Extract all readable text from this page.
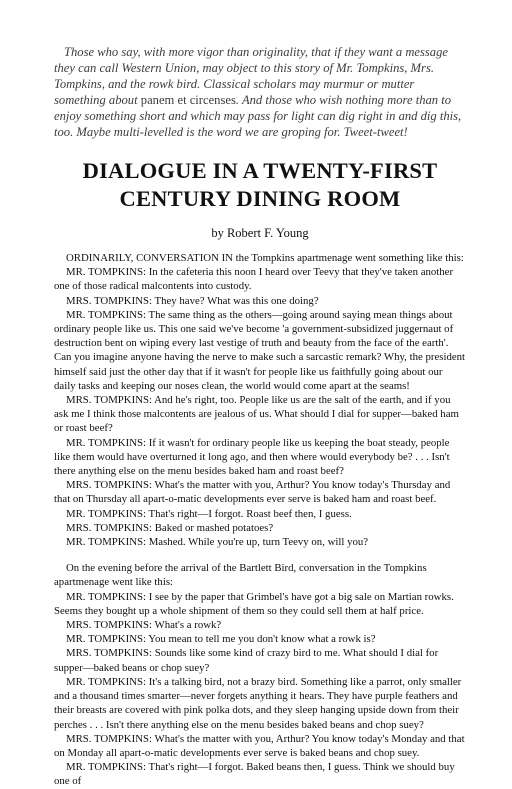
Those who say, with more vigor than originality, that if they want a message they can call Western Union, may object to this story of Mr. Tompkins, Mrs. Tompkins, and the rowk bird. Classical scholars may murmur or mutter something about panem et circenses. And those who wish nothing more than to enjoy something short and which may pass for light can dig right in and dig this, too. Maybe multi-levelled is the word we are groping for. Tweet-tweet!

DIALOGUE IN A TWENTY-FIRST
CENTURY DINING ROOM
by Robert F. Young

ORDINARILY, CONVERSATION IN the Tompkins apartmenage went something like this:

MR. TOMPKINS: In the cafeteria this noon I heard over Teevy that they've taken another one of those radical malcontents into custody.

MRS. TOMPKINS: They have? What was this one doing?

MR. TOMPKINS: The same thing as the others—going around saying mean things about ordinary people like us. This one said we've become 'a government-subsidized juggernaut of destruction bent on wiping every last vestige of truth and beauty from the face of the earth'. Can you imagine anyone having the nerve to make such a sarcastic remark? Why, the president himself said just the other day that if it wasn't for people like us faithfully going about our daily tasks and keeping our noses clean, the world would come apart at the seams!

MRS. TOMPKINS: And he's right, too. People like us are the salt of the earth, and if you ask me I think those malcontents are jealous of us. What should I dial for supper—baked ham or roast beef?

MR. TOMPKINS: If it wasn't for ordinary people like us keeping the boat steady, people like them would have overturned it long ago, and then where would everybody be? . . . Isn't there anything else on the menu besides baked ham and roast beef?

MRS. TOMPKINS: What's the matter with you, Arthur? You know today's Thursday and that on Thursday all apart-o-matic developments ever serve is baked ham and roast beef.

MR. TOMPKINS: That's right—I forgot. Roast beef then, I guess.

MRS. TOMPKINS: Baked or mashed potatoes?

MR. TOMPKINS: Mashed. While you're up, turn Teevy on, will you?

On the evening before the arrival of the Bartlett Bird, conversation in the Tompkins apartmenage went like this:

MR. TOMPKINS: I see by the paper that Grimbel's have got a big sale on Martian rowks. Seems they bought up a whole shipment of them so they could sell them at half price.

MRS. TOMPKINS: What's a rowk?

MR. TOMPKINS: You mean to tell me you don't know what a rowk is?

MRS. TOMPKINS: Sounds like some kind of crazy bird to me. What should I dial for supper—baked beans or chop suey?

MR. TOMPKINS: It's a talking bird, not a brazy bird. Something like a parrot, only smaller and a thousand times smarter—never forgets anything it hears. They have purple feathers and their breasts are covered with pink polka dots, and they sleep hanging upside down from their perches . . . Isn't there anything else on the menu besides baked beans and chop suey?

MRS. TOMPKINS: What's the matter with you, Arthur? You know today's Monday and that on Monday all apart-o-matic developments ever serve is baked beans and chop suey.

MR. TOMPKINS: That's right—I forgot. Baked beans then, I guess. Think we should buy one of
